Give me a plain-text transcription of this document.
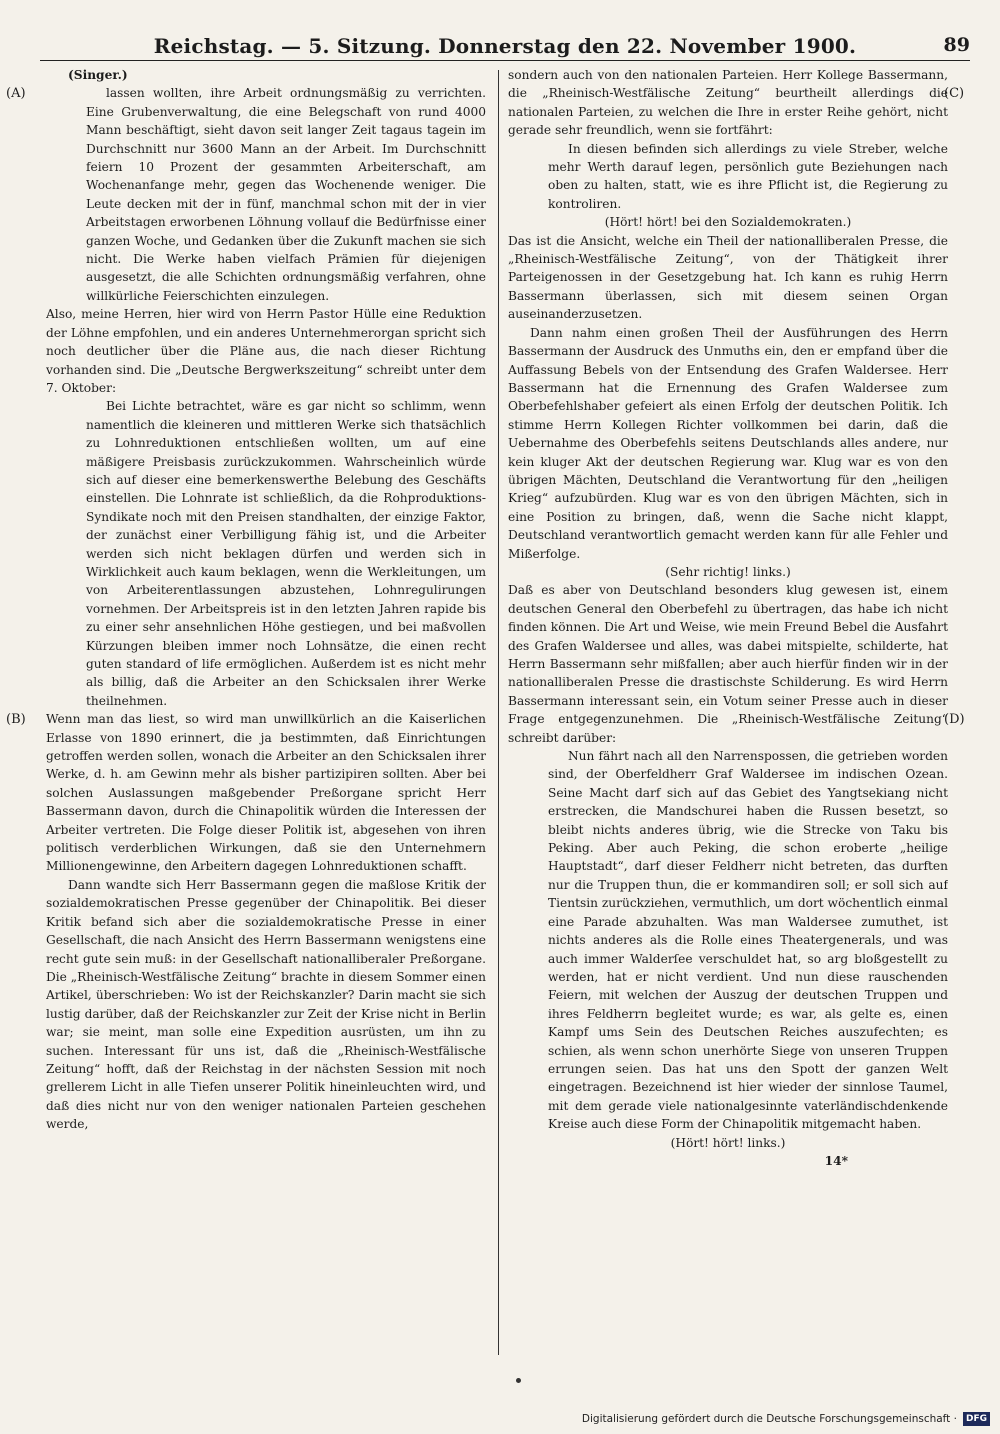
Reichstag. — 5. Sitzung. Donnerstag den 22. November 1900.	89
(A)
(B)
(C)
(D)

(Singer.)

lassen wollten, ihre Arbeit ordnungsmäßig zu verrichten. Eine Grubenverwaltung, die eine Belegschaft von rund 4000 Mann beschäftigt, sieht davon seit langer Zeit tagaus tagein im Durchschnitt nur 3600 Mann an der Arbeit. Im Durchschnitt feiern 10 Prozent der gesammten Arbeiterschaft, am Wochenanfange mehr, gegen das Wochenende weniger. Die Leute decken mit der in fünf, manchmal schon mit der in vier Arbeitstagen erworbenen Löhnung vollauf die Bedürfnisse einer ganzen Woche, und Gedanken über die Zukunft machen sie sich nicht. Die Werke haben vielfach Prämien für diejenigen ausgesetzt, die alle Schichten ordnungsmäßig verfahren, ohne willkürliche Feierschichten einzulegen.

Also, meine Herren, hier wird von Herrn Pastor Hülle eine Reduktion der Löhne empfohlen, und ein anderes Unternehmerorgan spricht sich noch deutlicher über die Pläne aus, die nach dieser Richtung vorhanden sind. Die „Deutsche Bergwerkszeitung“ schreibt unter dem 7. Oktober:

Bei Lichte betrachtet, wäre es gar nicht so schlimm, wenn namentlich die kleineren und mittleren Werke sich thatsächlich zu Lohnreduktionen entschließen wollten, um auf eine mäßigere Preisbasis zurückzukommen. Wahrscheinlich würde sich auf dieser eine bemerkenswerthe Belebung des Geschäfts einstellen. Die Lohnrate ist schließlich, da die Rohproduktions-Syndikate noch mit den Preisen standhalten, der einzige Faktor, der zunächst einer Verbilligung fähig ist, und die Arbeiter werden sich nicht beklagen dürfen und werden sich in Wirklichkeit auch kaum beklagen, wenn die Werkleitungen, um von Arbeiterentlassungen abzustehen, Lohnregulirungen vornehmen. Der Arbeitspreis ist in den letzten Jahren rapide bis zu einer sehr ansehnlichen Höhe gestiegen, und bei maßvollen Kürzungen bleiben immer noch Lohnsätze, die einen recht guten standard of life ermöglichen. Außerdem ist es nicht mehr als billig, daß die Arbeiter an den Schicksalen ihrer Werke theilnehmen.

Wenn man das liest, so wird man unwillkürlich an die Kaiserlichen Erlasse von 1890 erinnert, die ja bestimmten, daß Einrichtungen getroffen werden sollen, wonach die Arbeiter an den Schicksalen ihrer Werke, d. h. am Gewinn mehr als bisher partizipiren sollten. Aber bei solchen Auslassungen maßgebender Preßorgane spricht Herr Bassermann davon, durch die Chinapolitik würden die Interessen der Arbeiter vertreten. Die Folge dieser Politik ist, abgesehen von ihren politisch verderblichen Wirkungen, daß sie den Unternehmern Millionengewinne, den Arbeitern dagegen Lohnreduktionen schafft.

Dann wandte sich Herr Bassermann gegen die maßlose Kritik der sozialdemokratischen Presse gegenüber der Chinapolitik. Bei dieser Kritik befand sich aber die sozialdemokratische Presse in einer Gesellschaft, die nach Ansicht des Herrn Bassermann wenigstens eine recht gute sein muß: in der Gesellschaft nationalliberaler Preßorgane. Die „Rheinisch-Westfälische Zeitung“ brachte in diesem Sommer einen Artikel, überschrieben: Wo ist der Reichskanzler? Darin macht sie sich lustig darüber, daß der Reichskanzler zur Zeit der Krise nicht in Berlin war; sie meint, man solle eine Expedition ausrüsten, um ihn zu suchen. Interessant für uns ist, daß die „Rheinisch-Westfälische Zeitung“ hofft, daß der Reichstag in der nächsten Session mit noch grellerem Licht in alle Tiefen unserer Politik hineinleuchten wird, und daß dies nicht nur von den weniger nationalen Parteien geschehen werde,

sondern auch von den nationalen Parteien. Herr Kollege Bassermann, die „Rheinisch-Westfälische Zeitung“ beurtheilt allerdings die nationalen Parteien, zu welchen die Ihre in erster Reihe gehört, nicht gerade sehr freundlich, wenn sie fortfährt:

In diesen befinden sich allerdings zu viele Streber, welche mehr Werth darauf legen, persönlich gute Beziehungen nach oben zu halten, statt, wie es ihre Pflicht ist, die Regierung zu kontroliren.

(Hört! hört! bei den Sozialdemokraten.)

Das ist die Ansicht, welche ein Theil der nationalliberalen Presse, die „Rheinisch-Westfälische Zeitung“, von der Thätigkeit ihrer Parteigenossen in der Gesetzgebung hat. Ich kann es ruhig Herrn Bassermann überlassen, sich mit diesem seinen Organ auseinanderzusetzen.

Dann nahm einen großen Theil der Ausführungen des Herrn Bassermann der Ausdruck des Unmuths ein, den er empfand über die Auffassung Bebels von der Entsendung des Grafen Waldersee. Herr Bassermann hat die Ernennung des Grafen Waldersee zum Oberbefehlshaber gefeiert als einen Erfolg der deutschen Politik. Ich stimme Herrn Kollegen Richter vollkommen bei darin, daß die Uebernahme des Oberbefehls seitens Deutschlands alles andere, nur kein kluger Akt der deutschen Regierung war. Klug war es von den übrigen Mächten, Deutschland die Verantwortung für den „heiligen Krieg“ aufzubürden. Klug war es von den übrigen Mächten, sich in eine Position zu bringen, daß, wenn die Sache nicht klappt, Deutschland verantwortlich gemacht werden kann für alle Fehler und Mißerfolge.

(Sehr richtig! links.)

Daß es aber von Deutschland besonders klug gewesen ist, einem deutschen General den Oberbefehl zu übertragen, das habe ich nicht finden können. Die Art und Weise, wie mein Freund Bebel die Ausfahrt des Grafen Waldersee und alles, was dabei mitspielte, schilderte, hat Herrn Bassermann sehr mißfallen; aber auch hierfür finden wir in der nationalliberalen Presse die drastischste Schilderung. Es wird Herrn Bassermann interessant sein, ein Votum seiner Presse auch in dieser Frage entgegenzunehmen. Die „Rheinisch-Westfälische Zeitung“ schreibt darüber:

Nun fährt nach all den Narrenspossen, die getrieben worden sind, der Oberfeldherr Graf Waldersee im indischen Ozean. Seine Macht darf sich auf das Gebiet des Yangtsekiang nicht erstrecken, die Mandschurei haben die Russen besetzt, so bleibt nichts anderes übrig, wie die Strecke von Taku bis Peking. Aber auch Peking, die schon eroberte „heilige Hauptstadt“, darf dieser Feldherr nicht betreten, das durften nur die Truppen thun, die er kommandiren soll; er soll sich auf Tientsin zurückziehen, vermuthlich, um dort wöchentlich einmal eine Parade abzuhalten. Was man Waldersee zumuthet, ist nichts anderes als die Rolle eines Theatergenerals, und was auch immer Walderſee verschuldet hat, so arg bloßgestellt zu werden, hat er nicht verdient. Und nun diese rauschenden Feiern, mit welchen der Auszug der deutschen Truppen und ihres Feldherrn begleitet wurde; es war, als gelte es, einen Kampf ums Sein des Deutschen Reiches auszufechten; es schien, als wenn schon unerhörte Siege von unseren Truppen errungen seien. Das hat uns den Spott der ganzen Welt eingetragen. Bezeichnend ist hier wieder der sinnlose Taumel, mit dem gerade viele nationalgesinnte vaterländischdenkende Kreise auch diese Form der Chinapolitik mitgemacht haben.

(Hört! hört! links.)

14*

Digitalisierung gefördert durch die Deutsche Forschungsgemeinschaft ·	DFG
